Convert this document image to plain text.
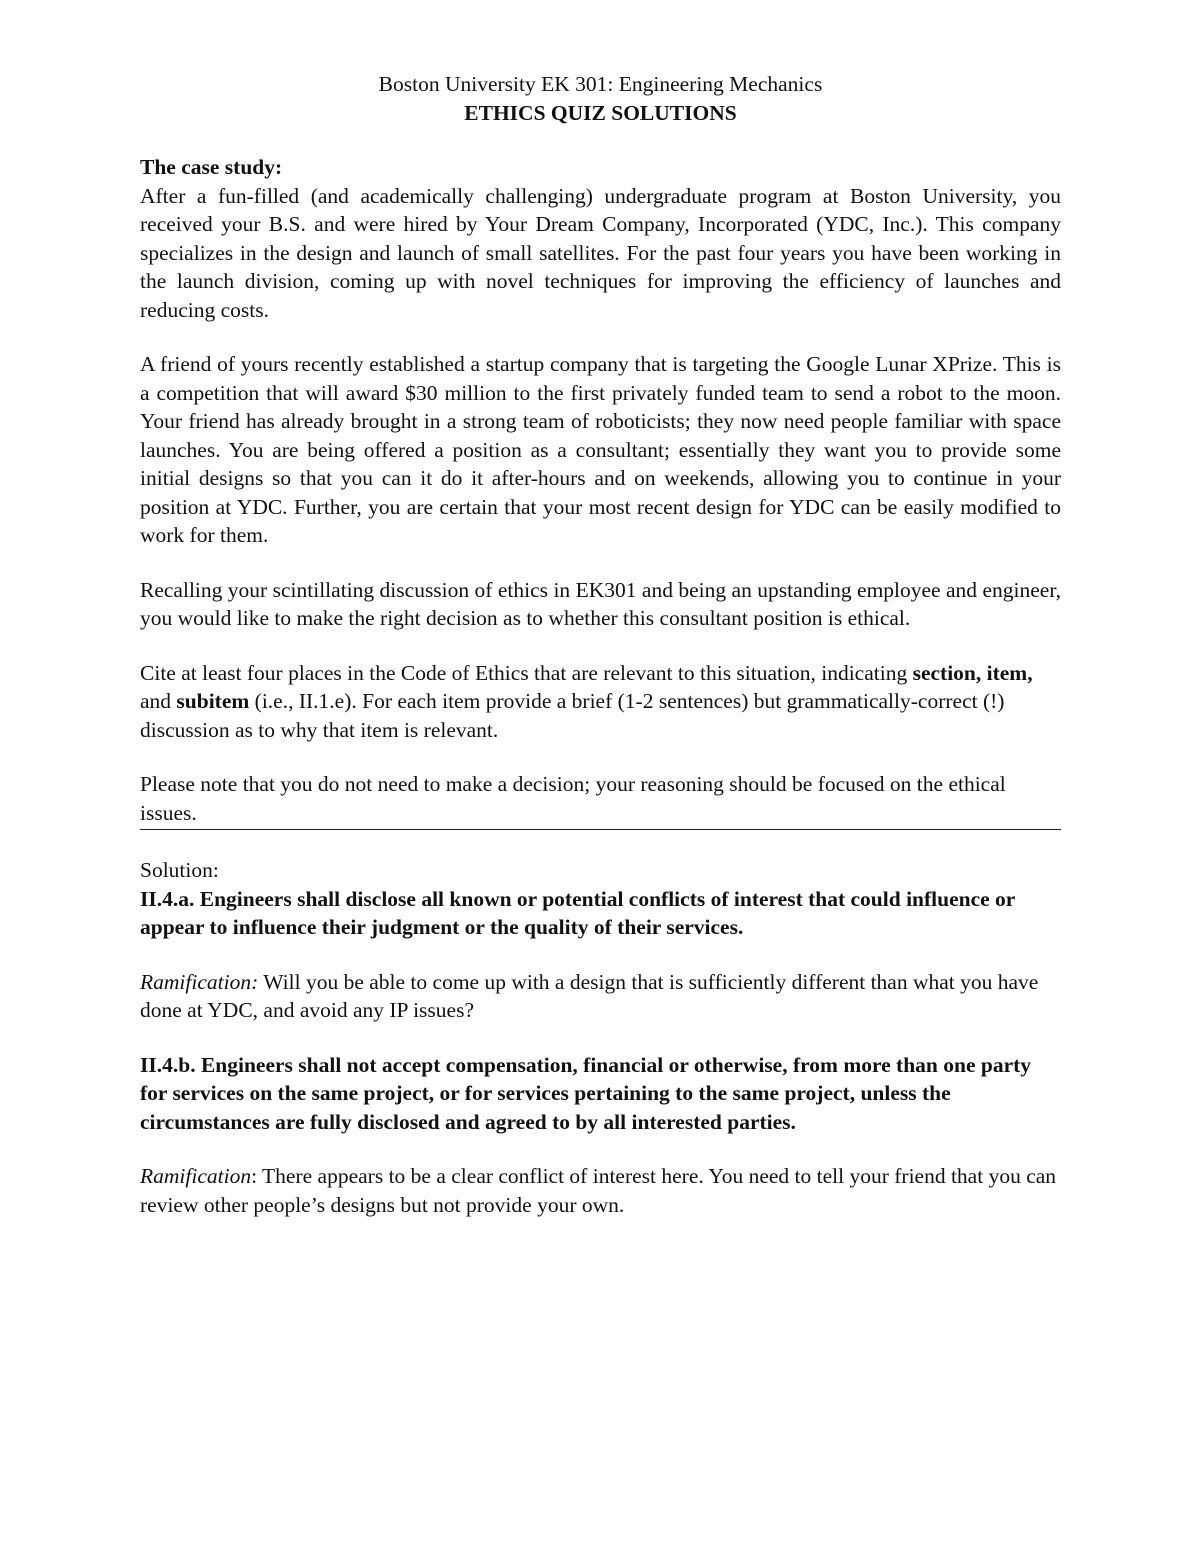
Boston University EK 301: Engineering Mechanics
ETHICS QUIZ SOLUTIONS
The case study:

After a fun-filled (and academically challenging) undergraduate program at Boston University, you received your B.S. and were hired by Your Dream Company, Incorporated (YDC, Inc.). This company specializes in the design and launch of small satellites. For the past four years you have been working in the launch division, coming up with novel techniques for improving the efficiency of launches and reducing costs.

A friend of yours recently established a startup company that is targeting the Google Lunar XPrize. This is a competition that will award $30 million to the first privately funded team to send a robot to the moon. Your friend has already brought in a strong team of roboticists; they now need people familiar with space launches. You are being offered a position as a consultant; essentially they want you to provide some initial designs so that you can it do it after-hours and on weekends, allowing you to continue in your position at YDC. Further, you are certain that your most recent design for YDC can be easily modified to work for them.

Recalling your scintillating discussion of ethics in EK301 and being an upstanding employee and engineer, you would like to make the right decision as to whether this consultant position is ethical.

Cite at least four places in the Code of Ethics that are relevant to this situation, indicating section, item, and subitem (i.e., II.1.e). For each item provide a brief (1-2 sentences) but grammatically-correct (!) discussion as to why that item is relevant.

Please note that you do not need to make a decision; your reasoning should be focused on the ethical issues.

Solution:

II.4.a. Engineers shall disclose all known or potential conflicts of interest that could influence or appear to influence their judgment or the quality of their services.

Ramification: Will you be able to come up with a design that is sufficiently different than what you have done at YDC, and avoid any IP issues?

II.4.b. Engineers shall not accept compensation, financial or otherwise, from more than one party for services on the same project, or for services pertaining to the same project, unless the circumstances are fully disclosed and agreed to by all interested parties.

Ramification: There appears to be a clear conflict of interest here. You need to tell your friend that you can review other people’s designs but not provide your own.
